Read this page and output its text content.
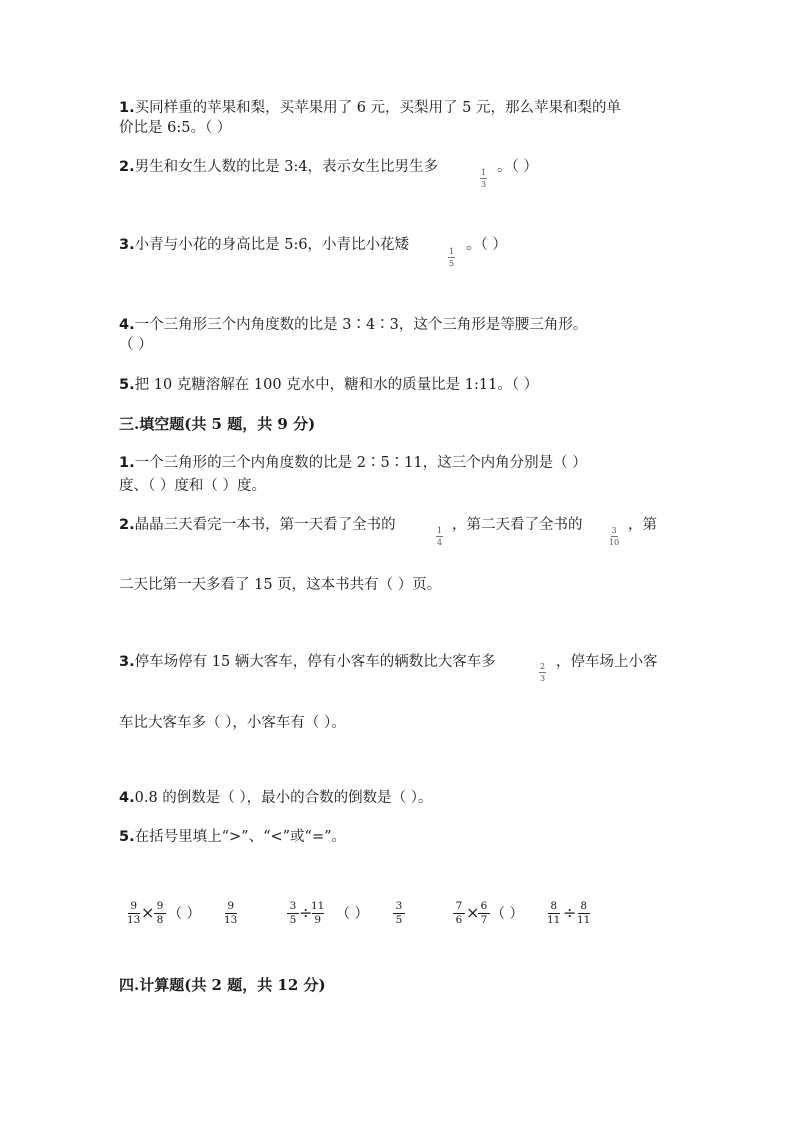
1.买同样重的苹果和梨，买苹果用了 6 元，买梨用了 5 元，那么苹果和梨的单
价比是 6:5。（ ）
2.男生和女生人数的比是 3:4，表示女生比男生多	1
3
。（ ）
3.小青与小花的身高比是 5:6，小青比小花矮	1
5
。（ ）
4.一个三角形三个内角度数的比是 3∶4∶3，这个三角形是等腰三角形。
（ ）
5.把 10 克糖溶解在 100 克水中，糖和水的质量比是 1:11。（ ）
三.填空题(共 5 题，共 9 分)
1.一个三角形的三个内角度数的比是 2∶5∶11，这三个内角分别是（ ）
度、（ ）度和（ ）度。
2.晶晶三天看完一本书，第一天看了全书的	1
4
，第二天看了全书的	3
10
，第
二天比第一天多看了 15 页，这本书共有（ ）页。
3.停车场停有 15 辆大客车，停有小客车的辆数比大客车多	2
3
，停车场上小客
车比大客车多（ ），小客车有（ ）。
4.0.8 的倒数是（ ），最小的合数的倒数是（ ）。
5.在括号里填上“>”、“<”或“=”。
9
13 × 9
8 （ ）	9
13
3
5 ÷
11
9 （ ）	3
5
7
6 × 6
7 （ ）	8
11 ÷ 8
11
四.计算题(共 2 题，共 12 分)
